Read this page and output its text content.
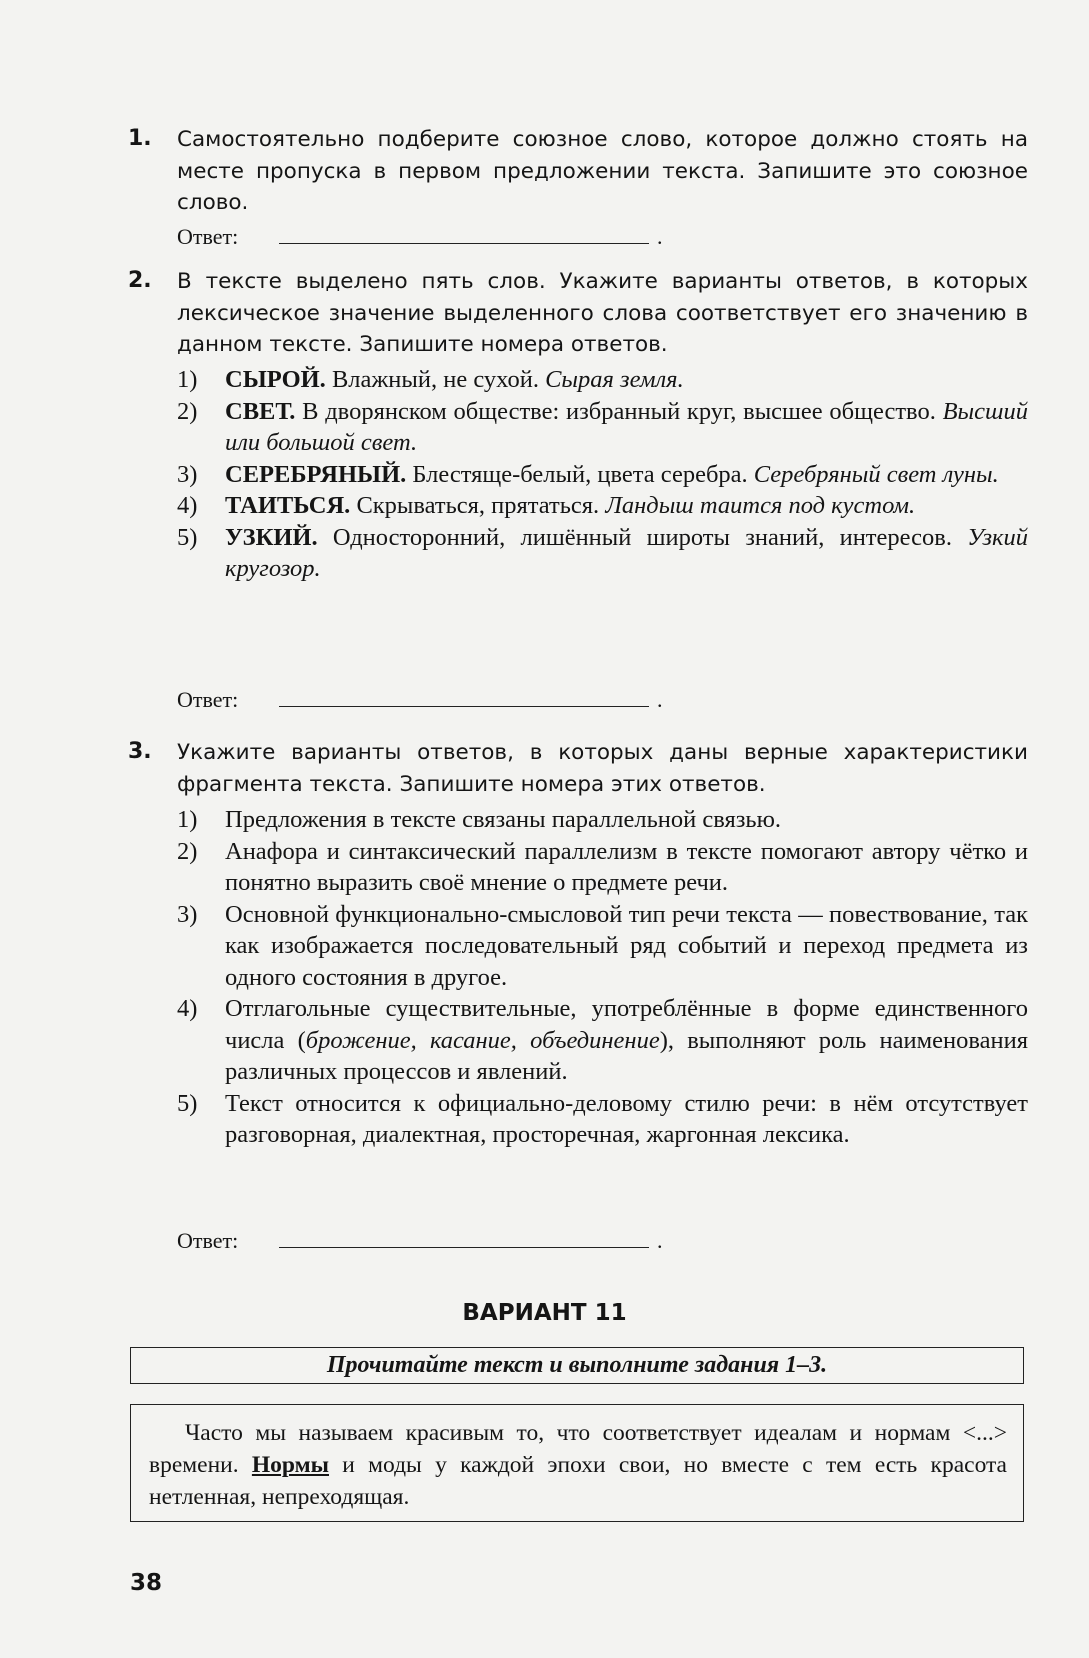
1. Самостоятельно подберите союзное слово, которое должно стоять на месте пропуска в первом предложении текста. Запишите это союзное слово.
Ответ:	.
2. В тексте выделено пять слов. Укажите варианты ответов, в которых лексическое значение выделенного слова соответствует его значению в данном тексте. Запишите номера ответов.
1) СЫРОЙ. Влажный, не сухой. Сырая земля.
2) СВЕТ. В дворянском обществе: избранный круг, высшее общество. Высший или большой свет.
3) СЕРЕБРЯНЫЙ. Блестяще-белый, цвета серебра. Серебряный свет луны.
4) ТАИТЬСЯ. Скрываться, прятаться. Ландыш таится под кустом.
5) УЗКИЙ. Односторонний, лишённый широты знаний, интересов. Узкий кругозор.
Ответ:	.
3. Укажите варианты ответов, в которых даны верные характеристики фрагмента текста. Запишите номера этих ответов.
1) Предложения в тексте связаны параллельной связью.
2) Анафора и синтаксический параллелизм в тексте помогают автору чётко и понятно выразить своё мнение о предмете речи.
3) Основной функционально-смысловой тип речи текста — повествование, так как изображается последовательный ряд событий и переход предмета из одного состояния в другое.
4) Отглагольные существительные, употреблённые в форме единственного числа (брожение, касание, объединение), выполняют роль наименования различных процессов и явлений.
5) Текст относится к официально-деловому стилю речи: в нём отсутствует разговорная, диалектная, просторечная, жаргонная лексика.
Ответ:	.
ВАРИАНТ 11
Прочитайте текст и выполните задания 1–3.
Часто мы называем красивым то, что соответствует идеалам и нормам <...> времени. Нормы и моды у каждой эпохи свои, но вместе с тем есть красота нетленная, непреходящая.
38
